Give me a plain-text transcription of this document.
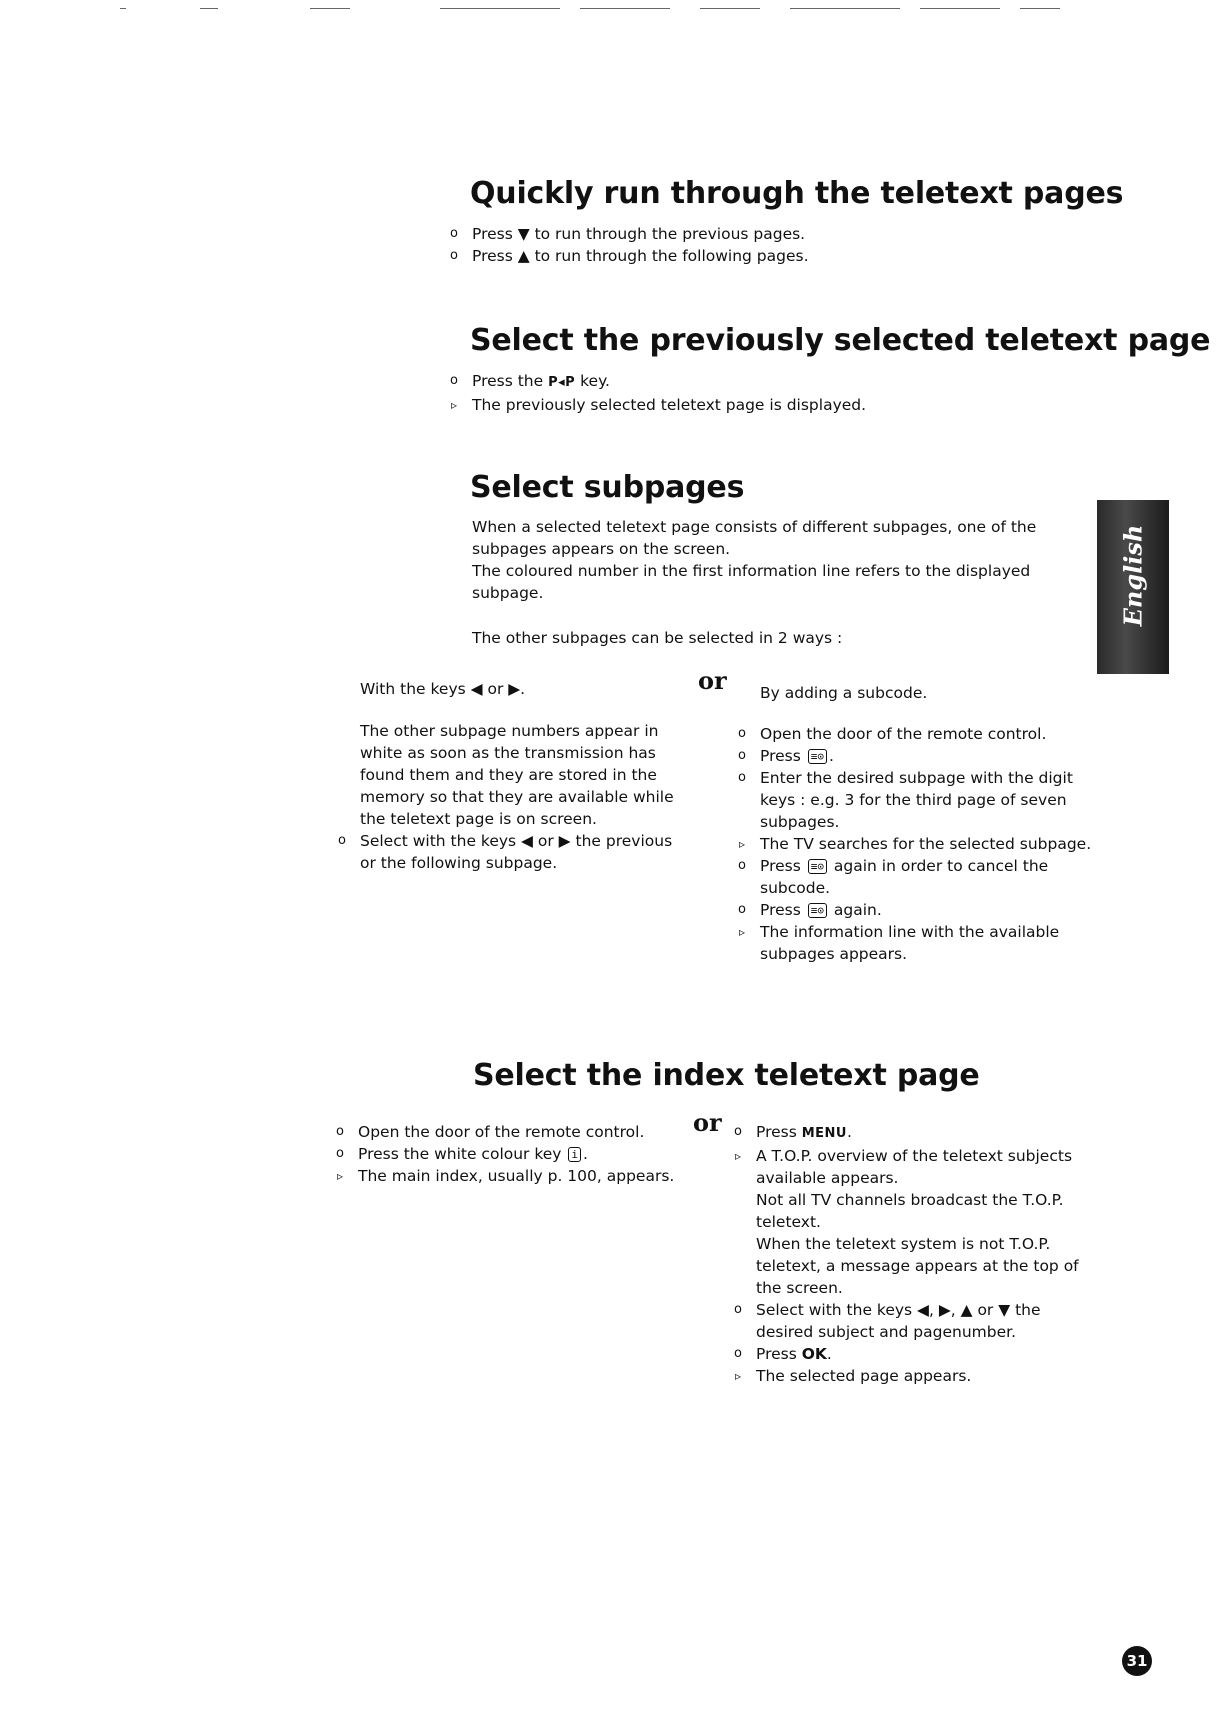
Quickly run through the teletext pages
o Press ▼ to run through the previous pages.
o Press ▲ to run through the following pages.
Select the previously selected teletext page
o Press the P◂P key.
▹ The previously selected teletext page is displayed.
Select subpages
When a selected teletext page consists of different subpages, one of the
subpages appears on the screen.
The coloured number in the first information line refers to the displayed
subpage.
The other subpages can be selected in 2 ways :
With the keys ◀ or ▶.	or By adding a subcode.
The other subpage numbers appear in
white as soon as the transmission has
found them and they are stored in the
memory so that they are available while
the teletext page is on screen.
o Select with the keys ◀ or ▶ the previous
or the following subpage.
o Open the door of the remote control.
o Press ≡⊙ .
o Enter the desired subpage with the digit
keys : e.g. 3 for the third page of seven
subpages.
▹ The TV searches for the selected subpage.
o Press ≡⊙ again in order to cancel the
subcode.
o Press ≡⊙ again.
▹ The information line with the available
subpages appears.
Select the index teletext page
or
o Open the door of the remote control.
o Press the white colour key i .
▹ The main index, usually p. 100, appears.
o Press MENU.
▹ A T.O.P. overview of the teletext subjects
available appears.
Not all TV channels broadcast the T.O.P.
teletext.
When the teletext system is not T.O.P.
teletext, a message appears at the top of
the screen.
o Select with the keys ◀, ▶, ▲ or ▼ the
desired subject and pagenumber.
o Press OK.
▹ The selected page appears.
English
31
